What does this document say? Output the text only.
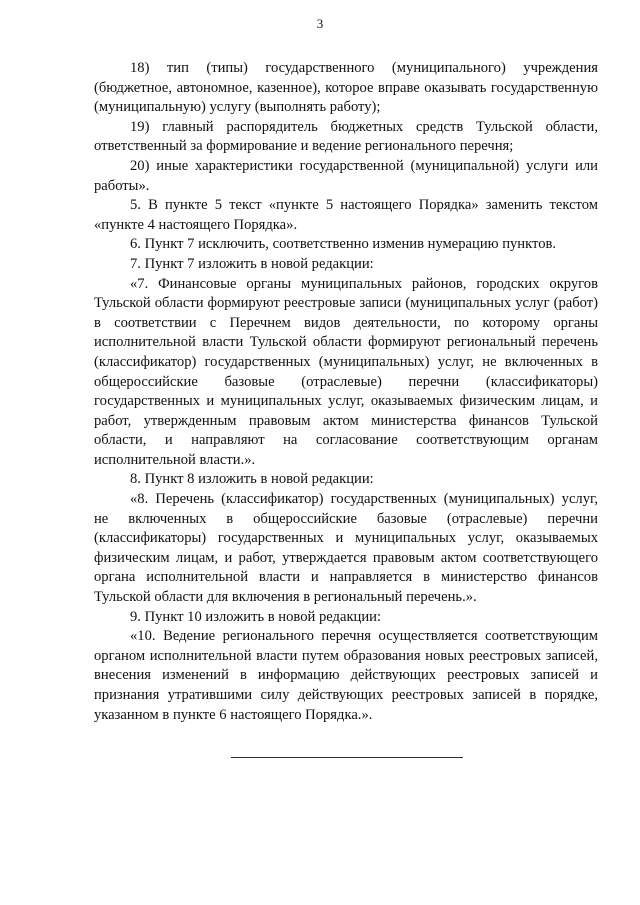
3

18) тип (типы) государственного (муниципального) учреждения (бюджетное, автономное, казенное), которое вправе оказывать государственную (муниципальную) услугу (выполнять работу);

19) главный распорядитель бюджетных средств Тульской области, ответственный за формирование и ведение регионального перечня;

20) иные характеристики государственной (муниципальной) услуги или работы».

5. В пункте 5 текст «пункте 5 настоящего Порядка» заменить текстом «пункте 4 настоящего Порядка».

6. Пункт 7 исключить, соответственно изменив нумерацию пунктов.

7. Пункт 7 изложить в новой редакции:

«7. Финансовые органы муниципальных районов, городских округов Тульской области формируют реестровые записи (муниципальных услуг (работ) в соответствии с Перечнем видов деятельности, по которому органы исполнительной власти Тульской области формируют региональный перечень (классификатор) государственных (муниципальных) услуг, не включенных в общероссийские базовые (отраслевые) перечни (классификаторы) государственных и муниципальных услуг, оказываемых физическим лицам, и работ, утвержденным правовым актом министерства финансов Тульской области, и направляют на согласование соответствующим органам исполнительной власти.».

8. Пункт 8 изложить в новой редакции:

«8. Перечень (классификатор) государственных (муниципальных) услуг, не включенных в общероссийские базовые (отраслевые) перечни (классификаторы) государственных и муниципальных услуг, оказываемых физическим лицам, и работ, утверждается правовым актом соответствующего органа исполнительной власти и направляется в министерство финансов Тульской области для включения в региональный перечень.».

9. Пункт 10 изложить в новой редакции:

«10. Ведение регионального перечня осуществляется соответствующим органом исполнительной власти путем образования новых реестровых записей, внесения изменений в информацию действующих реестровых записей и признания утратившими силу действующих реестровых записей в порядке, указанном в пункте 6 настоящего Порядка.».
